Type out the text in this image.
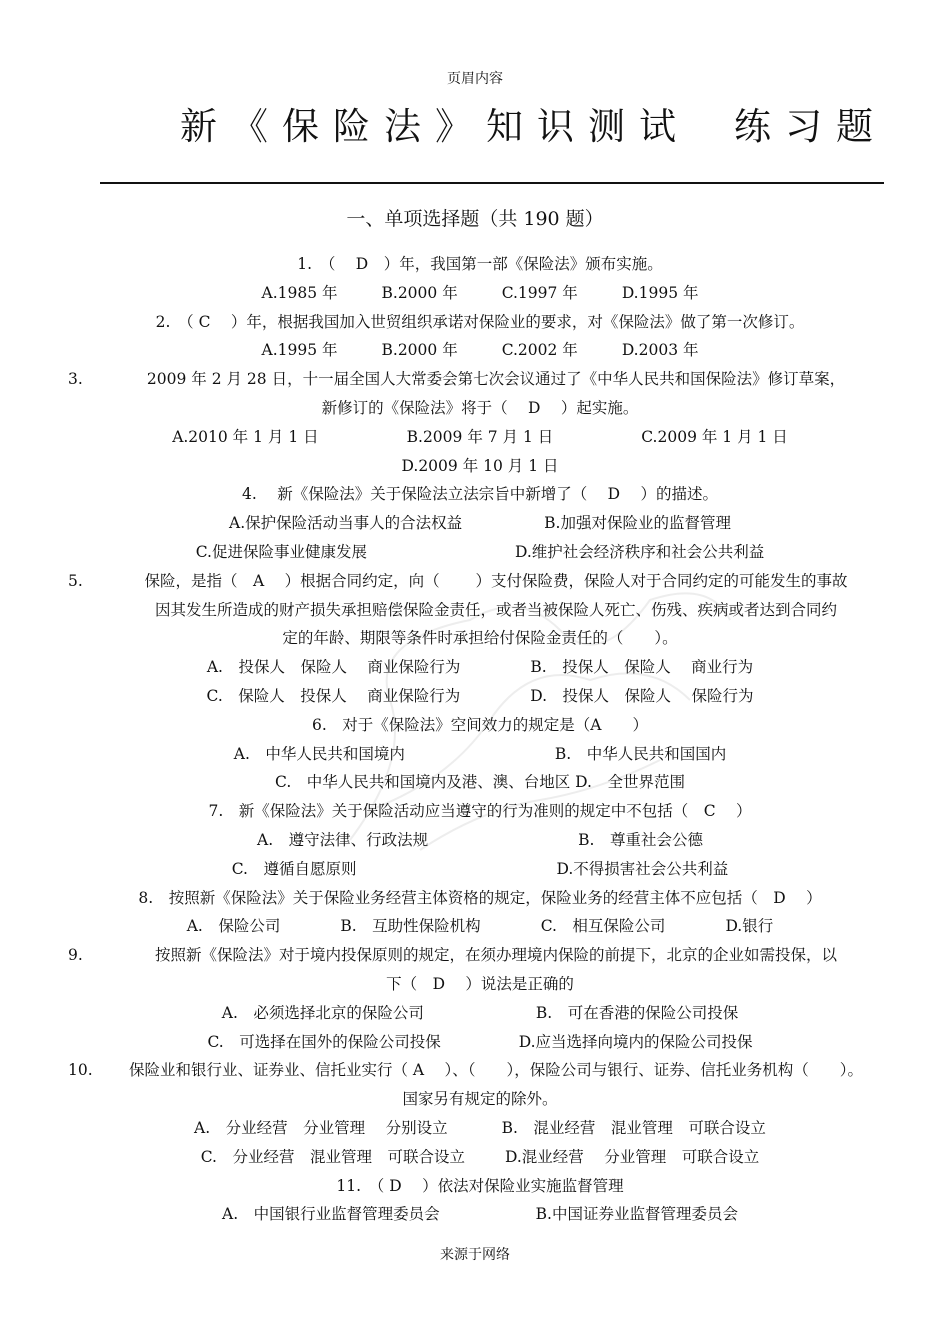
页眉内容
新《保险法》知识测试 练习题
一、单项选择题（共 190 题）
1.　（　 D　）年，我国第一部《保险法》颁布实施。
A.1985 年	B.2000 年	C.1997 年	D.1995 年
2.　（ C　 ）年，根据我国加入世贸组织承诺对保险业的要求，对《保险法》做了第一次修订。
A.1995 年	B.2000 年	C.2002 年	D.2003 年
3.	2009 年 2 月 28 日，十一届全国人大常委会第七次会议通过了《中华人民共和国保险法》修订草案，
新修订的《保险法》将于（　 D　 ）起实施。
A.2010 年 1 月 1 日	B.2009 年 7 月 1 日	C.2009 年 1 月 1 日
D.2009 年 10 月 1 日
4.　 新《保险法》关于保险法立法宗旨中新增了（　 D　 ）的描述。
A.保护保险活动当事人的合法权益	B.加强对保险业的监督管理
C.促进保险事业健康发展	D.维护社会经济秩序和社会公共利益
5.	保险，是指（　A　 ）根据合同约定，向（　　 ）支付保险费，保险人对于合同约定的可能发生的事故
因其发生所造成的财产损失承担赔偿保险金责任，或者当被保险人死亡、伤残、疾病或者达到合同约
定的年龄、期限等条件时承担给付保险金责任的（　　）。
A.　投保人　保险人　 商业保险行为	B.　投保人　保险人　 商业行为
C.　保险人　投保人　 商业保险行为	D.　投保人　保险人　 保险行为
6.　对于《保险法》空间效力的规定是（A　　）
A.　中华人民共和国境内	B.　中华人民共和国国内
C.　中华人民共和国境内及港、澳、台地区 D.　全世界范围
7.　新《保险法》关于保险活动应当遵守的行为准则的规定中不包括（　C　 ）
A.　遵守法律、行政法规	B.　尊重社会公德
C.　遵循自愿原则	D.不得损害社会公共利益
8.　按照新《保险法》关于保险业务经营主体资格的规定，保险业务的经营主体不应包括（　D　 ）
A.　保险公司	B.　互助性保险机构	C.　相互保险公司	D.银行
9.	按照新《保险法》对于境内投保原则的规定，在须办理境内保险的前提下，北京的企业如需投保，以
下（　D　 ）说法是正确的
A.　必须选择北京的保险公司	B.　可在香港的保险公司投保
C.　可选择在国外的保险公司投保	D.应当选择向境内的保险公司投保
10. 保险业和银行业、证券业、信托业实行（ A　 ）、（　　），保险公司与银行、证券、信托业务机构（　　）。
国家另有规定的除外。
A.　分业经营　分业管理　 分别设立	B.　混业经营　混业管理　可联合设立
C.　分业经营　混业管理　可联合设立	D.混业经营　 分业管理　可联合设立
11.　（ D　 ）依法对保险业实施监督管理
A.　中国银行业监督管理委员会	B.中国证券业监督管理委员会
来源于网络
